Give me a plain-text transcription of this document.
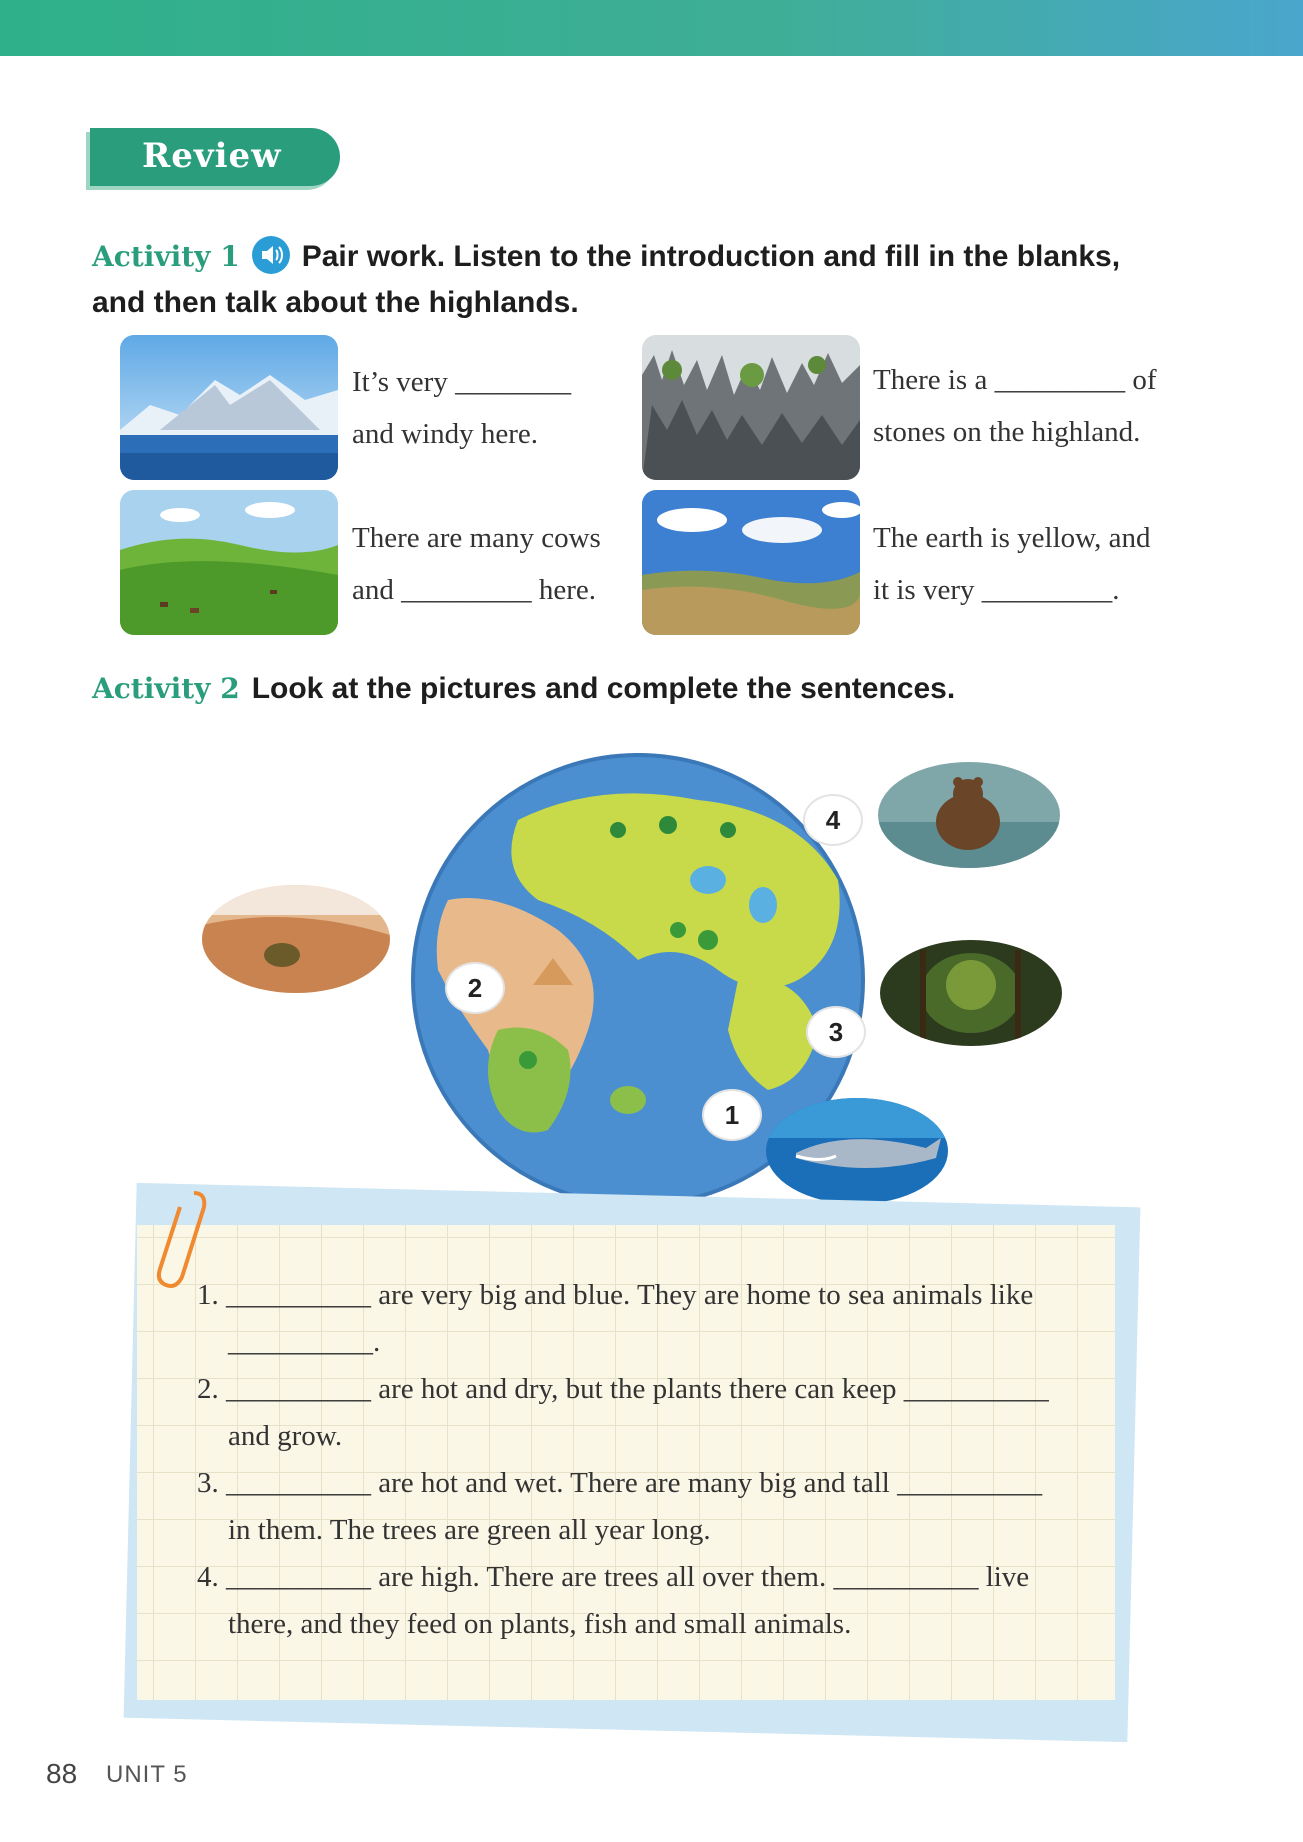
Review
Activity 1 Pair work. Listen to the introduction and fill in the blanks,
and then talk about the highlands.
It’s very ________
and windy here.
There is a _________ of
stones on the highland.
There are many cows
and _________ here.
The earth is yellow, and
it is very _________.
Activity 2 Look at the pictures and complete the sentences.
2
3
4
1
1. __________ are very big and blue. They are home to sea animals like
__________.
2. __________ are hot and dry, but the plants there can keep __________
and grow.
3. __________ are hot and wet. There are many big and tall __________
in them. The trees are green all year long.
4. __________ are high. There are trees all over them. __________ live
there, and they feed on plants, fish and small animals.
88 UNIT 5
